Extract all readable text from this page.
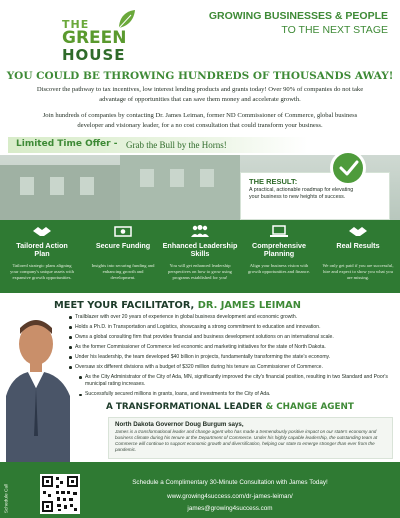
THE
GREEN
HOUSE
GROWING BUSINESSES & PEOPLE
TO THE NEXT STAGE
YOU COULD BE THROWING HUNDREDS OF THOUSANDS AWAY!

Discover the pathway to tax incentives, low interest lending products and grants today! Over 90% of companies do not take advantage of opportunities that can save them money and accelerate growth.

Join hundreds of companies by contacting Dr. James Leiman, former ND Commissioner of Commerce, global business developer and visionary leader, for a no cost consultation that could transform your business.

Limited Time Offer - Grab the Bull by the Horns!
THE RESULT:
A practical, actionable roadmap for elevating your business to new heights of success.
Tailored Action Plan
Tailored strategic plans aligning your company's unique assets with expansive growth opportunities.
Secure Funding
Insights into securing funding and enhancing growth and development.
Enhanced Leadership Skills
You will get enhanced leadership perspectives on how to grow using programs established for you!
Comprehensive Planning
Align your business vision with growth opportunities and finance.
Real Results
We only get paid if you are successful, hire and expect to show you what you are missing.
MEET YOUR FACILITATOR, DR. JAMES LEIMAN
Trailblazer with over 20 years of experience in global business development and economic growth.
Holds a Ph.D. in Transportation and Logistics, showcasing a strong commitment to education and innovation.
Owns a global consulting firm that provides financial and business development solutions on an international scale.
As the former Commissioner of Commerce led economic and marketing initiatives for the state of North Dakota.
Under his leadership, the team developed $40 billion in projects, fundamentally transforming the state's economy.
Oversaw six different divisions with a budget of $320 million during his tenure as Commissioner of Commerce.
As the City Administrator of the City of Ada, MN, significantly improved the city's financial position, resulting in two Standard and Poor's municipal rating increases.
Successfully secured millions in grants, loans, and investments for the City of Ada.
A TRANSFORMATIONAL LEADER & CHANGE AGENT
North Dakota Governor Doug Burgum says,
James is a transformational leader and change agent who has made a tremendously positive impact on our state's economy and business climate during his tenure at the Department of Commerce. Under his highly capable leadership, the outstanding team at Commerce will continue to support economic growth and diversification, helping our state to emerge stronger than ever from the pandemic.
Schedule Call
Schedule a Complimentary 30-Minute Consultation with James Today!
www.growing4success.com/dr-james-leiman/
james@growing4success.com
